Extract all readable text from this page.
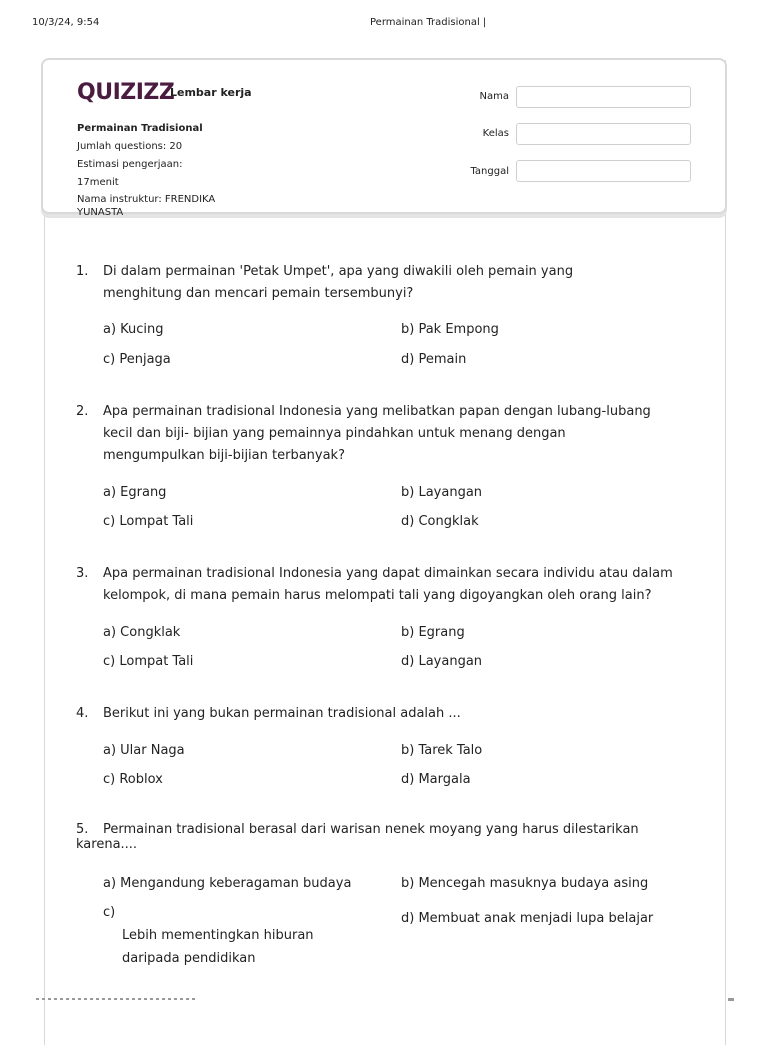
10/3/24, 9:54	Permainan Tradisional |
QUIZIZZ
Lembar kerja
Permainan Tradisional
Jumlah questions: 20
Estimasi pengerjaan:
17menit
Nama instruktur: FRENDIKA
YUNASTA
Nama
Kelas
Tanggal
1. Di dalam permainan 'Petak Umpet', apa yang diwakili oleh pemain yang
menghitung dan mencari pemain tersembunyi?
a) Kucing	b) Pak Empong
c) Penjaga	d) Pemain
2. Apa permainan tradisional Indonesia yang melibatkan papan dengan lubang-lubang
kecil dan biji- bijian yang pemainnya pindahkan untuk menang dengan
mengumpulkan biji-bijian terbanyak?
a) Egrang	b) Layangan
c) Lompat Tali	d) Congklak
3. Apa permainan tradisional Indonesia yang dapat dimainkan secara individu atau dalam
kelompok, di mana pemain harus melompati tali yang digoyangkan oleh orang lain?
a) Congklak	b) Egrang
c) Lompat Tali	d) Layangan
4. Berikut ini yang bukan permainan tradisional adalah ...
a) Ular Naga	b) Tarek Talo
c) Roblox	d) Margala
5. Permainan tradisional berasal dari warisan nenek moyang yang harus dilestarikan
karena....
a) Mengandung keberagaman budaya	b) Mencegah masuknya budaya asing
c)
Lebih mementingkan hiburan
daripada pendidikan
d) Membuat anak menjadi lupa belajar
